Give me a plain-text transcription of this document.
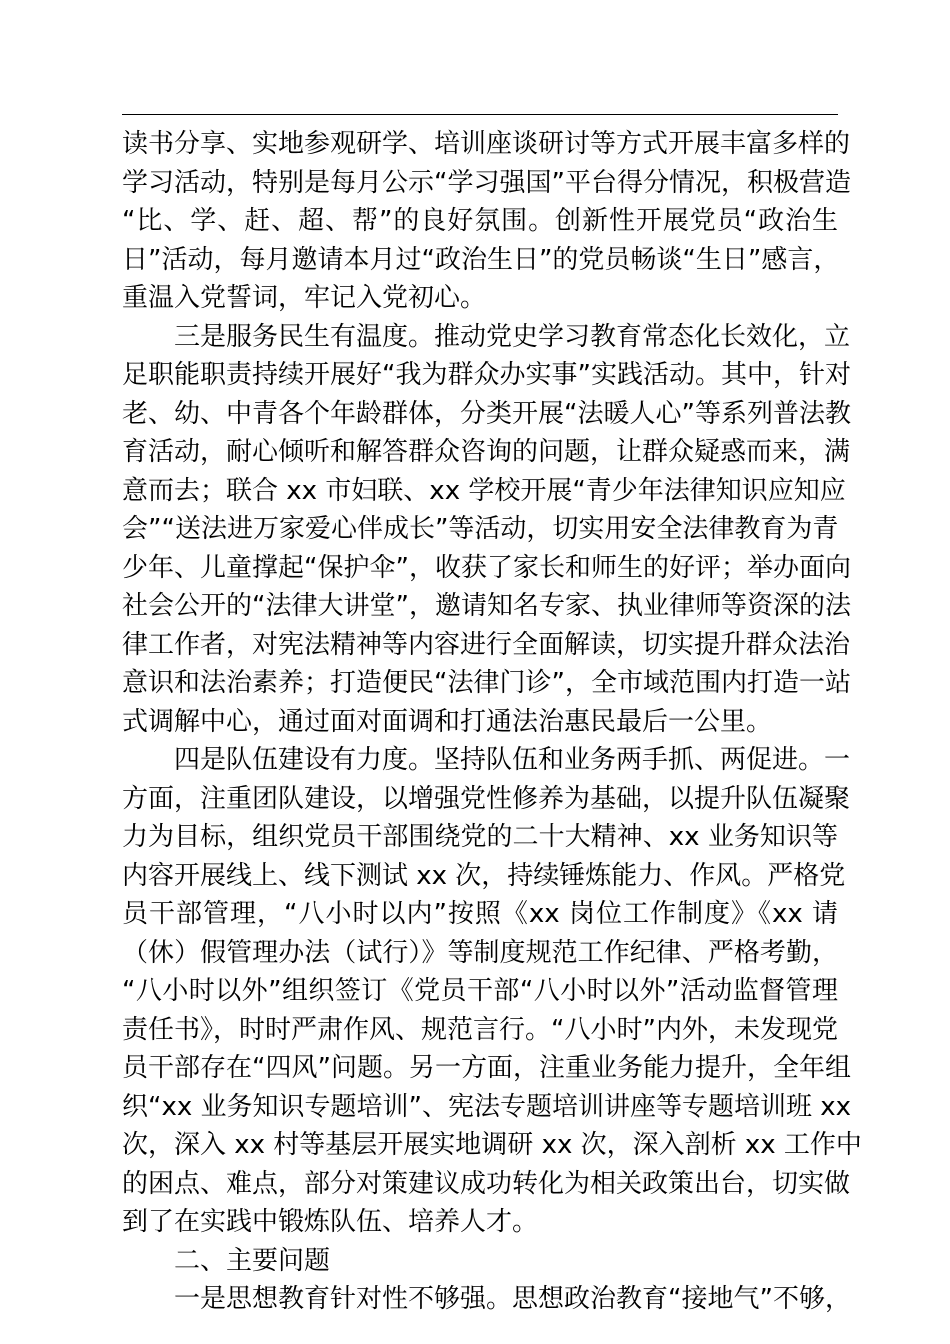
读书分享、实地参观研学、培训座谈研讨等方式开展丰富多样的
学习活动，特别是每月公示“学习强国”平台得分情况，积极营造
“比、学、赶、超、帮”的良好氛围。创新性开展党员“政治生
日”活动，每月邀请本月过“政治生日”的党员畅谈“生日”感言，
重温入党誓词，牢记入党初心。
三是服务民生有温度。推动党史学习教育常态化长效化，立
足职能职责持续开展好“我为群众办实事”实践活动。其中，针对
老、幼、中青各个年龄群体，分类开展“法暖人心”等系列普法教
育活动，耐心倾听和解答群众咨询的问题，让群众疑惑而来，满
意而去；联合 xx 市妇联、xx 学校开展“青少年法律知识应知应
会”“送法进万家爱心伴成长”等活动，切实用安全法律教育为青
少年、儿童撑起“保护伞”，收获了家长和师生的好评；举办面向
社会公开的“法律大讲堂”，邀请知名专家、执业律师等资深的法
律工作者，对宪法精神等内容进行全面解读，切实提升群众法治
意识和法治素养；打造便民“法律门诊”，全市域范围内打造一站
式调解中心，通过面对面调和打通法治惠民最后一公里。
四是队伍建设有力度。坚持队伍和业务两手抓、两促进。一
方面，注重团队建设，以增强党性修养为基础，以提升队伍凝聚
力为目标，组织党员干部围绕党的二十大精神、xx 业务知识等
内容开展线上、线下测试 xx 次，持续锤炼能力、作风。严格党
员干部管理，“八小时以内”按照《xx 岗位工作制度》《xx 请
（休）假管理办法（试行）》等制度规范工作纪律、严格考勤，
“八小时以外”组织签订《党员干部“八小时以外”活动监督管理
责任书》，时时严肃作风、规范言行。“八小时”内外，未发现党
员干部存在“四风”问题。另一方面，注重业务能力提升，全年组
织“xx 业务知识专题培训”、宪法专题培训讲座等专题培训班 xx
次，深入 xx 村等基层开展实地调研 xx 次，深入剖析 xx 工作中
的困点、难点，部分对策建议成功转化为相关政策出台，切实做
到了在实践中锻炼队伍、培养人才。
二、主要问题
一是思想教育针对性不够强。思想政治教育“接地气”不够，
